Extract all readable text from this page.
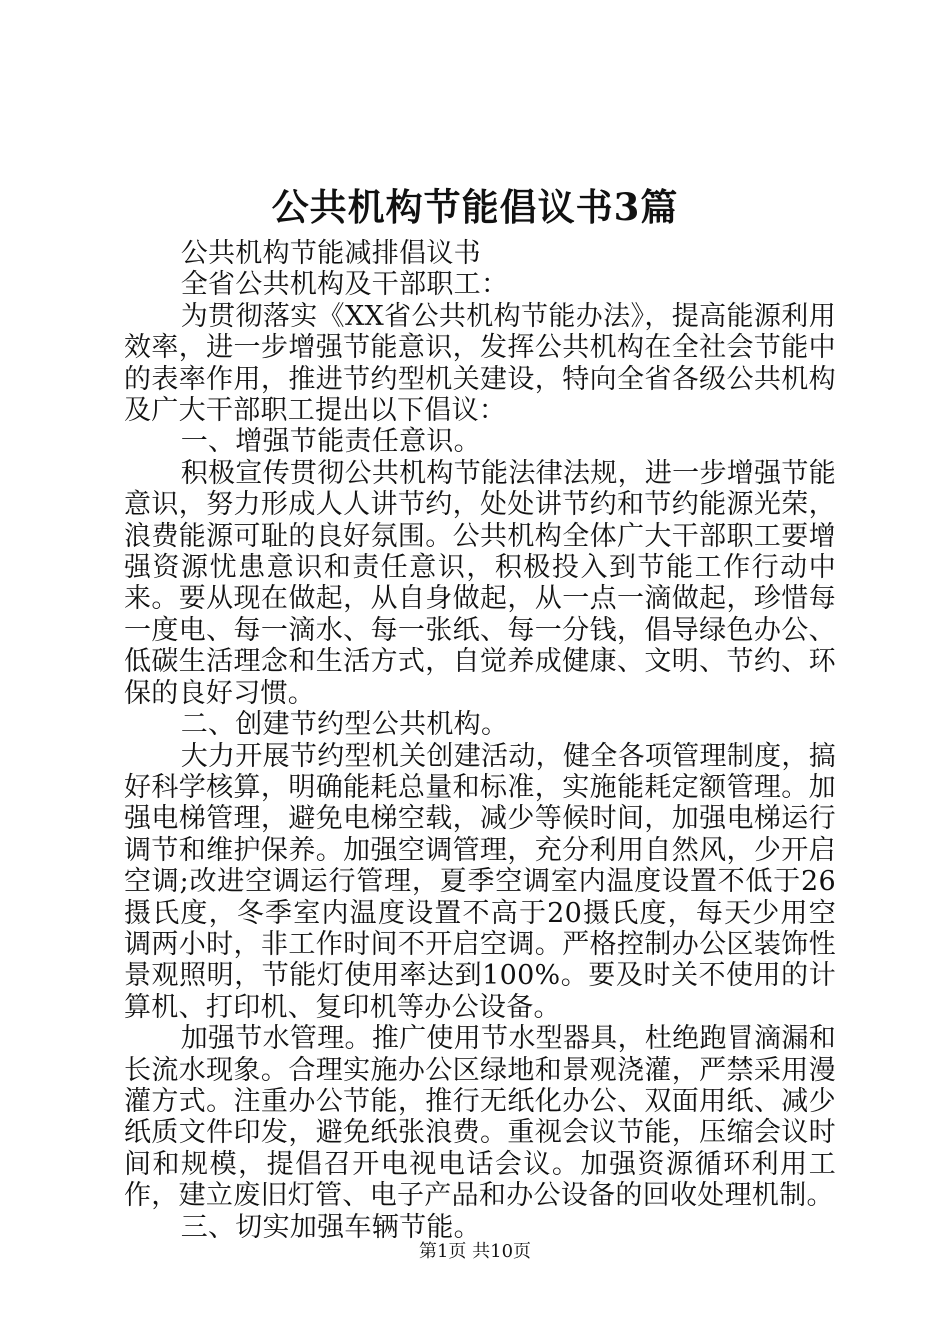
公共机构节能倡议书3篇

公共机构节能减排倡议书

全省公共机构及干部职工：

为贯彻落实《XX省公共机构节能办法》，提高能源利用效率，进一步增强节能意识，发挥公共机构在全社会节能中的表率作用，推进节约型机关建设，特向全省各级公共机构及广大干部职工提出以下倡议：

一、增强节能责任意识。

积极宣传贯彻公共机构节能法律法规，进一步增强节能意识，努力形成人人讲节约，处处讲节约和节约能源光荣，浪费能源可耻的良好氛围。公共机构全体广大干部职工要增强资源忧患意识和责任意识，积极投入到节能工作行动中来。要从现在做起，从自身做起，从一点一滴做起，珍惜每一度电、每一滴水、每一张纸、每一分钱，倡导绿色办公、低碳生活理念和生活方式，自觉养成健康、文明、节约、环保的良好习惯。

二、创建节约型公共机构。

大力开展节约型机关创建活动，健全各项管理制度，搞好科学核算，明确能耗总量和标准，实施能耗定额管理。加强电梯管理，避免电梯空载，减少等候时间，加强电梯运行调节和维护保养。加强空调管理，充分利用自然风，少开启空调;改进空调运行管理，夏季空调室内温度设置不低于26摄氏度，冬季室内温度设置不高于20摄氏度，每天少用空调两小时，非工作时间不开启空调。严格控制办公区装饰性景观照明，节能灯使用率达到100%。要及时关不使用的计算机、打印机、复印机等办公设备。

加强节水管理。推广使用节水型器具，杜绝跑冒滴漏和长流水现象。合理实施办公区绿地和景观浇灌，严禁采用漫灌方式。注重办公节能，推行无纸化办公、双面用纸、减少纸质文件印发，避免纸张浪费。重视会议节能，压缩会议时间和规模，提倡召开电视电话会议。加强资源循环利用工作，建立废旧灯管、电子产品和办公设备的回收处理机制。

三、切实加强车辆节能。

第1页 共10页
